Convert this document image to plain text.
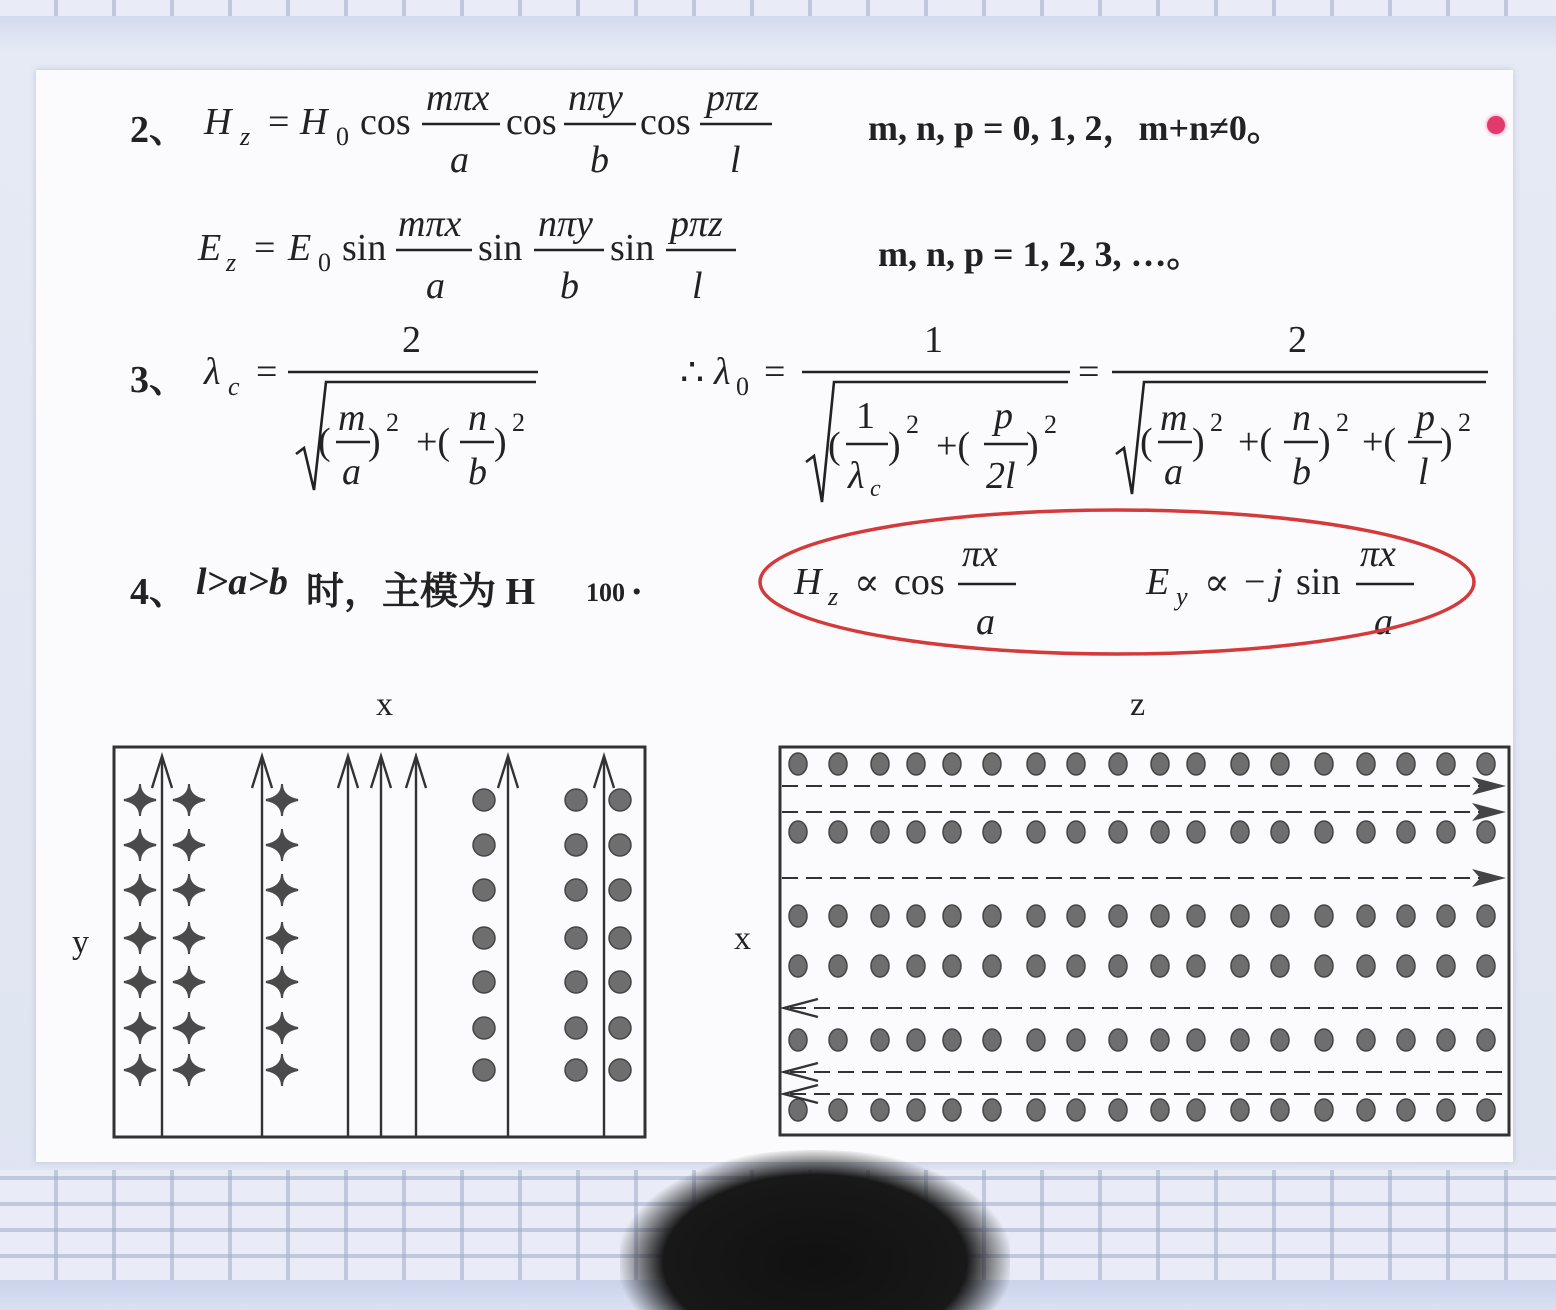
2、 H z = H 0 cos
mπx
a
cos
nπy
b
cos
pπz
l
m, n, p = 0, 1, 2，m+n≠0。
E z = E 0 sin
mπx
a
sin
nπy
b
sin
pπz
l
m, n, p = 1, 2, 3, …。
3、 λ c =
2
(
m
a
) 2 +(
n
b
) 2
∴ λ 0 =
1
(
1
λ c
)
2
+(
p
2l
)
2
=
2
(
m
a
) 2 +(
n
b
) 2 +(
p
l
) 2
4、 l>a>b 时，主模为 H 100 .	H z ∝ cos
πx
a
E y ∝ − j sin
πx
a
x
y
z
x
